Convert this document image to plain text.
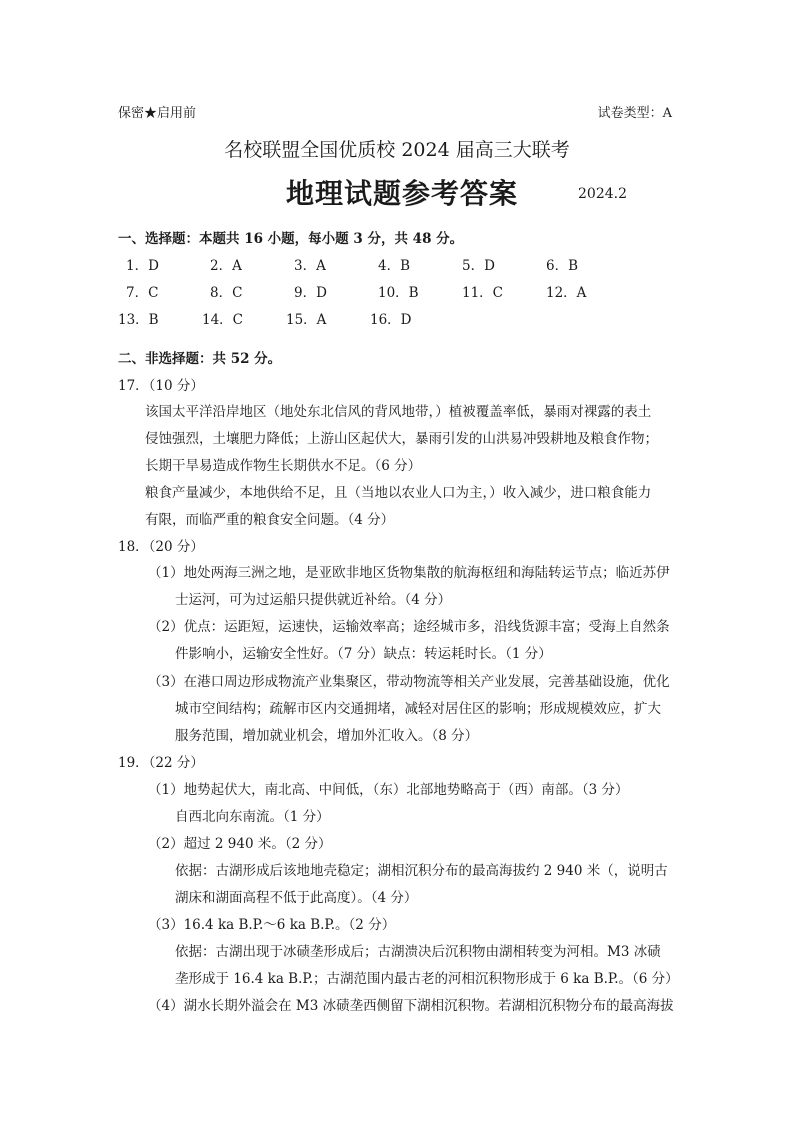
保密★启用前	试卷类型：A
名校联盟全国优质校 2024 届高三大联考
地理试题参考答案	2024.2
一、选择题：本题共 16 小题，每小题 3 分，共 48 分。
1．D	2．A	3．A	4．B	5．D	6．B
7．C	8．C	9．D	10．B	11．C	12．A
13．B	14．C	15．A	16．D
二、非选择题：共 52 分。
17．（10 分）
该国太平洋沿岸地区（地处东北信风的背风地带，）植被覆盖率低，暴雨对裸露的表土
侵蚀强烈，土壤肥力降低；上游山区起伏大，暴雨引发的山洪易冲毁耕地及粮食作物；
长期干旱易造成作物生长期供水不足。（6 分）
粮食产量减少，本地供给不足，且（当地以农业人口为主，）收入减少，进口粮食能力
有限，而临严重的粮食安全问题。（4 分）
18．（20 分）
（1）地处两海三洲之地，是亚欧非地区货物集散的航海枢纽和海陆转运节点；临近苏伊
士运河，可为过运船只提供就近补给。（4 分）
（2）优点：运距短，运速快，运输效率高；途经城市多，沿线货源丰富；受海上自然条
件影响小，运输安全性好。（7 分）缺点：转运耗时长。（1 分）
（3）在港口周边形成物流产业集聚区，带动物流等相关产业发展，完善基础设施，优化
城市空间结构；疏解市区内交通拥堵，减轻对居住区的影响；形成规模效应，扩大
服务范围，增加就业机会，增加外汇收入。（8 分）
19．（22 分）
（1）地势起伏大，南北高、中间低，（东）北部地势略高于（西）南部。（3 分）
自西北向东南流。（1 分）
（2）超过 2 940 米。（2 分）
依据：古湖形成后该地地壳稳定；湖相沉积分布的最高海拔约 2 940 米（，说明古
湖床和湖面高程不低于此高度）。（4 分）
（3）16.4 ka B.P.～6 ka B.P.。（2 分）
依据：古湖出现于冰碛垄形成后；古湖溃决后沉积物由湖相转变为河相。M3 冰碛
垄形成于 16.4 ka B.P.；古湖范围内最古老的河相沉积物形成于 6 ka B.P.。（6 分）
（4）湖水长期外溢会在 M3 冰碛垄西侧留下湖相沉积物。若湖相沉积物分布的最高海拔
